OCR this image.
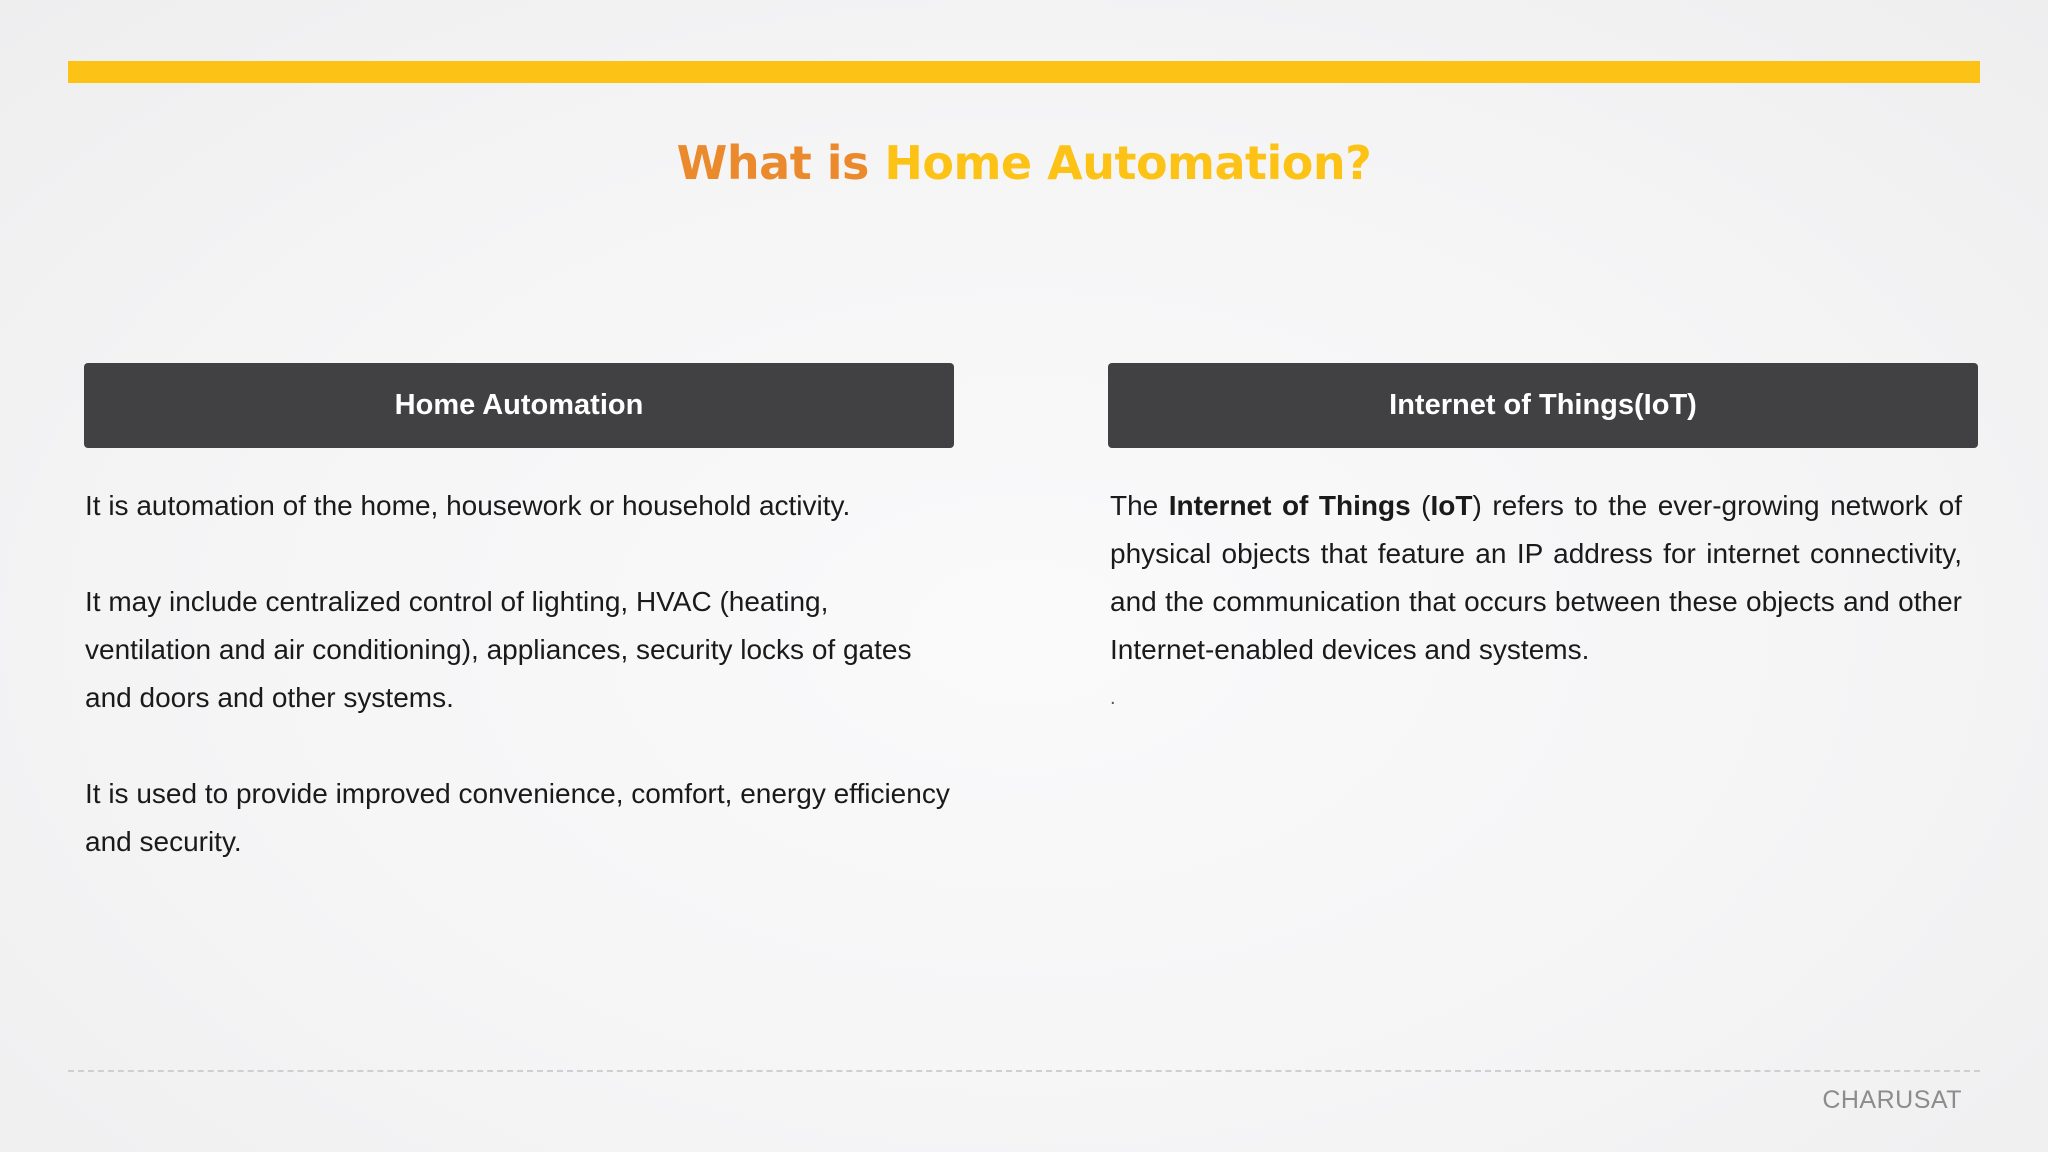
What is Home Automation?
Home Automation	Internet of Things(IoT)

It is automation of the home, housework or household activity.

It may include centralized control of lighting, HVAC (heating, ventilation and air conditioning), appliances, security locks of gates and doors and other systems.

It is used to provide improved convenience, comfort, energy efficiency and security.

The Internet of Things (IoT) refers to the ever-growing network of physical objects that feature an IP address for internet connectivity, and the communication that occurs between these objects and other Internet-enabled devices and systems.

.
CHARUSAT
